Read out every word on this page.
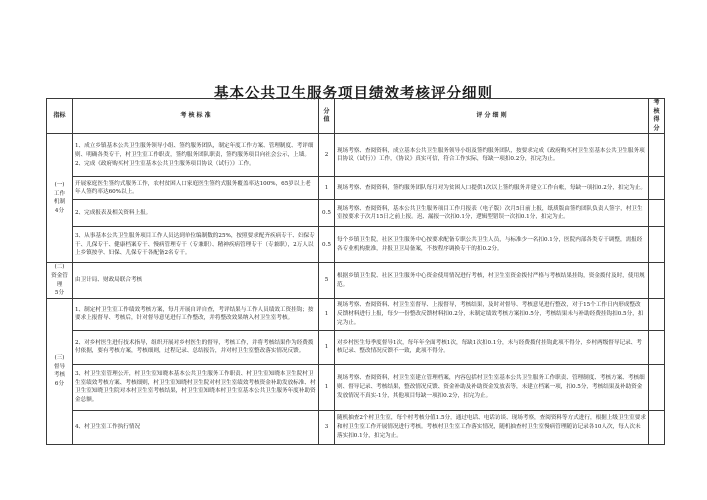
基本公共卫生服务项目绩效考核评分细则
指标	考 核 标 准	分值	评 分 细 则	考核得分
(一)
工作
机制
4分	1、成立乡镇基本公共卫生服务领导小组、签约服务团队，制定年度工作方案、管理制度、考评细则、明确各类专干，村卫生室工作职责，签约服务团队职责，签约服务项目向社会公示，上墙。
2、完成《政府购买村卫生室基本公共卫生服务项目协议（试行）》工作。	2	现场考察、查阅资料，成立基本公共卫生服务领导小组及签约服务团队，按要求完成《政府购买村卫生室基本公共卫生服务项目协议（试行）》工作，《协议》真实可信，符合工作实际，每缺一项扣0.2分，扣完为止。	
	开展家庭医生签约式服务工作，农村贫困人口家庭医生签约式服务覆盖率达100%，65岁以上老年人签约率达60%以上。	1	现场考察、查阅资料，签约服务团队每月对为贫困人口提供1次以上签约服务并建立工作台帐，每缺一项扣0.2分，扣完为止。	
	2、完成报表及相关资料上报。	0.5	现场考察、查阅资料，基本公共卫生服务项目工作月报表（电子版）次月5日前上报，纸质版由签约团队负责人签字，村卫生室按要求于次月15日之前上报。迟、漏报一次扣0.1分，逻辑型错误一次扣0.1分，扣完为止。	
	3、从事基本公共卫生服务项目工作人员达到单位编制数的25%，按照要求配齐疾病专干、妇保专干、儿保专干、健康档案专干、慢病管理专干（专兼职）、精神疾病管理专干（专兼职），2万人以上乡镇按孕、妇保、儿保专干各配备2名专干。	0.5	每个乡镇卫生院，社区卫生服务中心按要求配备专职公共卫生人员，与标准少一名扣0.1分，医院内部各类专干调整，需报经各专业机构批准，并报卫卫局备案，不按程序调换专干的扣0.2分。	
(二)
资金管理
5分	由卫计局、财政局联合考核	5	根据乡镇卫生院、社区卫生服务中心资金使用情况进行考核，村卫生室资金拨付严格与考核结果挂钩，资金拨付及时，使用规范。	
(三)
督导
考核
6分	1、制定村卫生室工作绩效考核方案，每月开展自评自查，考评结果与工作人员绩效工资挂钩；按要求上报督导、考核后，针对督导意见进行工作整改，并将整改效果纳入村卫生室考核。	1	现场考察、查阅资料、村卫生室督导、上报督导，考核结果，及时对督导、考核意见进行整改，对于15个工作日内形成整改反馈材料进行上报，每少一份整改反馈材料扣0.2分，未制定绩效考核方案扣0.5分，考核结果未与补助经费挂钩扣0.5分，扣完为止。	
	2、对乡村医生进行技术指导，组织开展对乡村医生的督导，考核工作，并将考核结果作为经费拨付依据，要有考核方案，考核细则，过程记录、总结报告，并对村卫生室整改落实情况反馈。	1	对乡村医生每季度督导1次，每年年全面考核1次，每缺1次扣0.1分，未与经费拨付挂钩此项不得分，乡村两级督导记录、考核记录、整改情况反馈不一致，此项不得分。	
	3、村卫生室管理公开，村卫生室知晓本基本公共卫生服务工作职责、村卫生室知晓本卫生院村卫生室绩效考核方案、考核细则，村卫生室知晓村卫生院对村卫生室绩效考核资金补助发放标准、村卫生室知晓卫生院对本村卫生室考核结果，村卫生室知晓本村卫生室基本公共卫生服务年度补助资金总额。	1	现场考察、查阅资料，村卫生室建立管理档案，内容包括村卫生室基本公共卫生服务工作职责、管理制度、考核方案、考核细则、督导记录、考核结果，整改情况反馈、资金补助及补助资金发放表等，未建立档案一项，扣0.5分，考核结果及补助资金发放情况不真实-1分，其他项目每缺一项扣0.2分，扣完为止。	
	4、村卫生室工作执行情况	3	随机抽查2个村卫生室，每个村考核分值1.5分，通过电话、电话访谈、现场考察，查阅资料等方式进行，根据上级卫生室要求和村卫生室工作开展情况进行考核。考核村卫生室工作落实情况，随机抽查村卫生室慢病管理随访记录各10人次，每人次未落实扣0.1分，扣完为止。	
